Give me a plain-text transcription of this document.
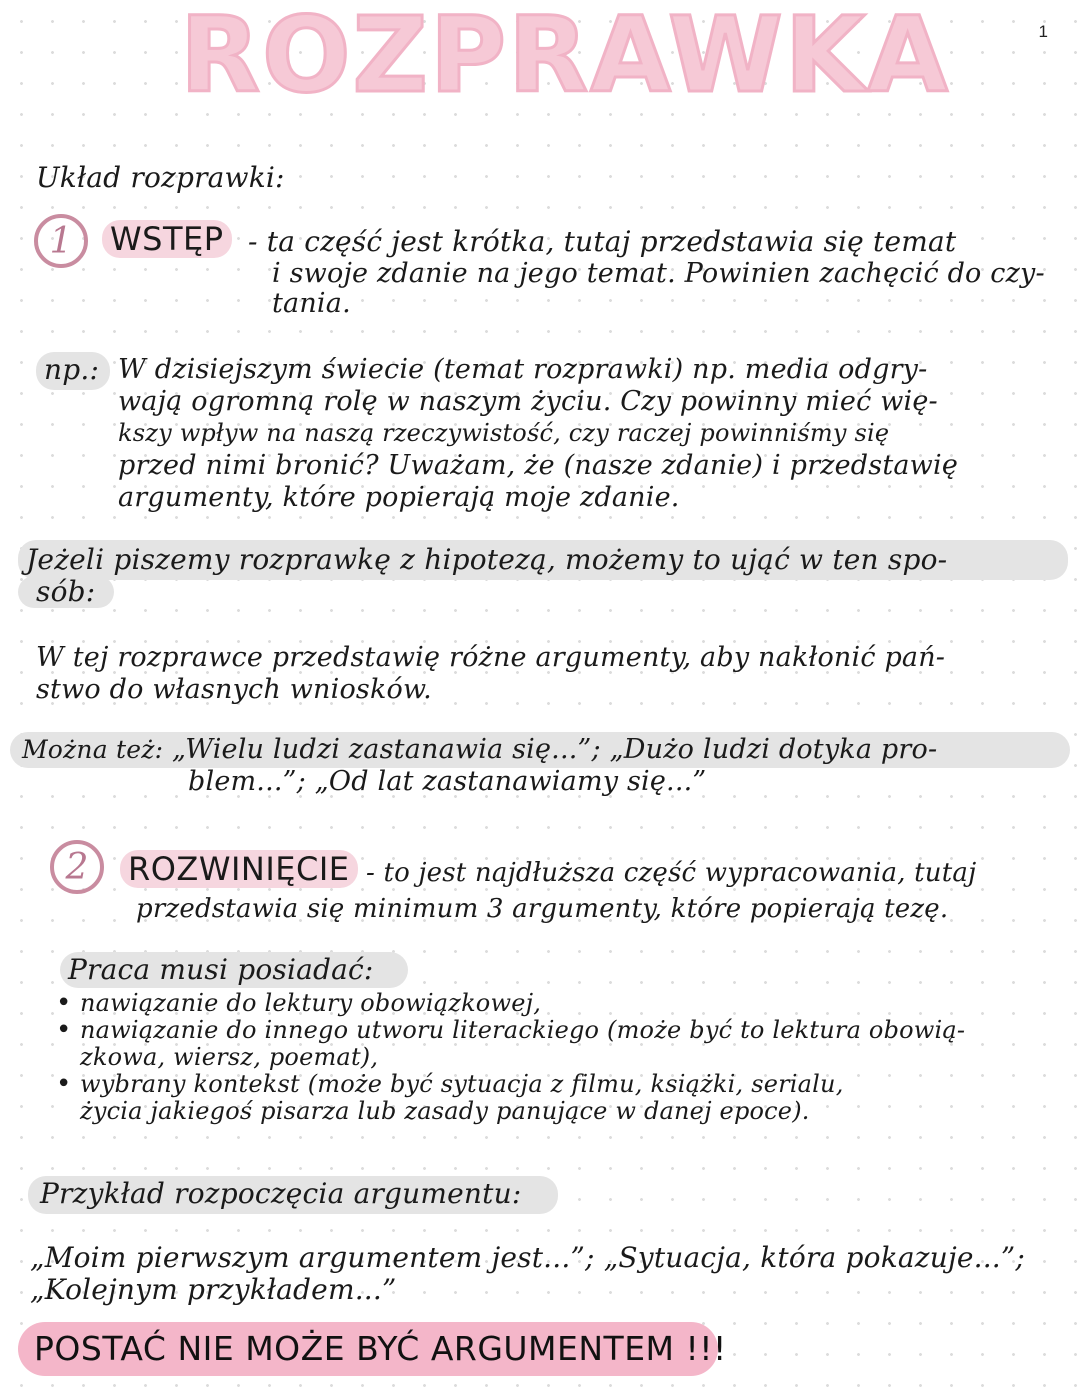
ROZPRAWKA	1
Układ rozprawki:
1 WSTĘP - ta część jest krótka, tutaj przedstawia się temat
i swoje zdanie na jego temat. Powinien zachęcić do czy-
tania.
np.: W dzisiejszym świecie (temat rozprawki) np. media odgry-
wają ogromną rolę w naszym życiu. Czy powinny mieć wię-
kszy wpływ na naszą rzeczywistość, czy raczej powinniśmy się
przed nimi bronić? Uważam, że (nasze zdanie) i przedstawię
argumenty, które popierają moje zdanie.
Jeżeli piszemy rozprawkę z hipotezą, możemy to ująć w ten spo-
sób:
W tej rozprawce przedstawię różne argumenty, aby nakłonić pań-
stwo do własnych wniosków.
Można też: „Wielu ludzi zastanawia się...”; „Dużo ludzi dotyka pro-
blem...”; „Od lat zastanawiamy się...”
2 ROZWINIĘCIE - to jest najdłuższa część wypracowania, tutaj
przedstawia się minimum 3 argumenty, które popierają tezę.
Praca musi posiadać:
• nawiązanie do lektury obowiązkowej,
• nawiązanie do innego utworu literackiego (może być to lektura obowią-
zkowa, wiersz, poemat),
• wybrany kontekst (może być sytuacja z filmu, książki, serialu,
życia jakiegoś pisarza lub zasady panujące w danej epoce).
Przykład rozpoczęcia argumentu:
„Moim pierwszym argumentem jest...”; „Sytuacja, która pokazuje...”;
„Kolejnym przykładem...”
POSTAĆ NIE MOŻE BYĆ ARGUMENTEM !!!
